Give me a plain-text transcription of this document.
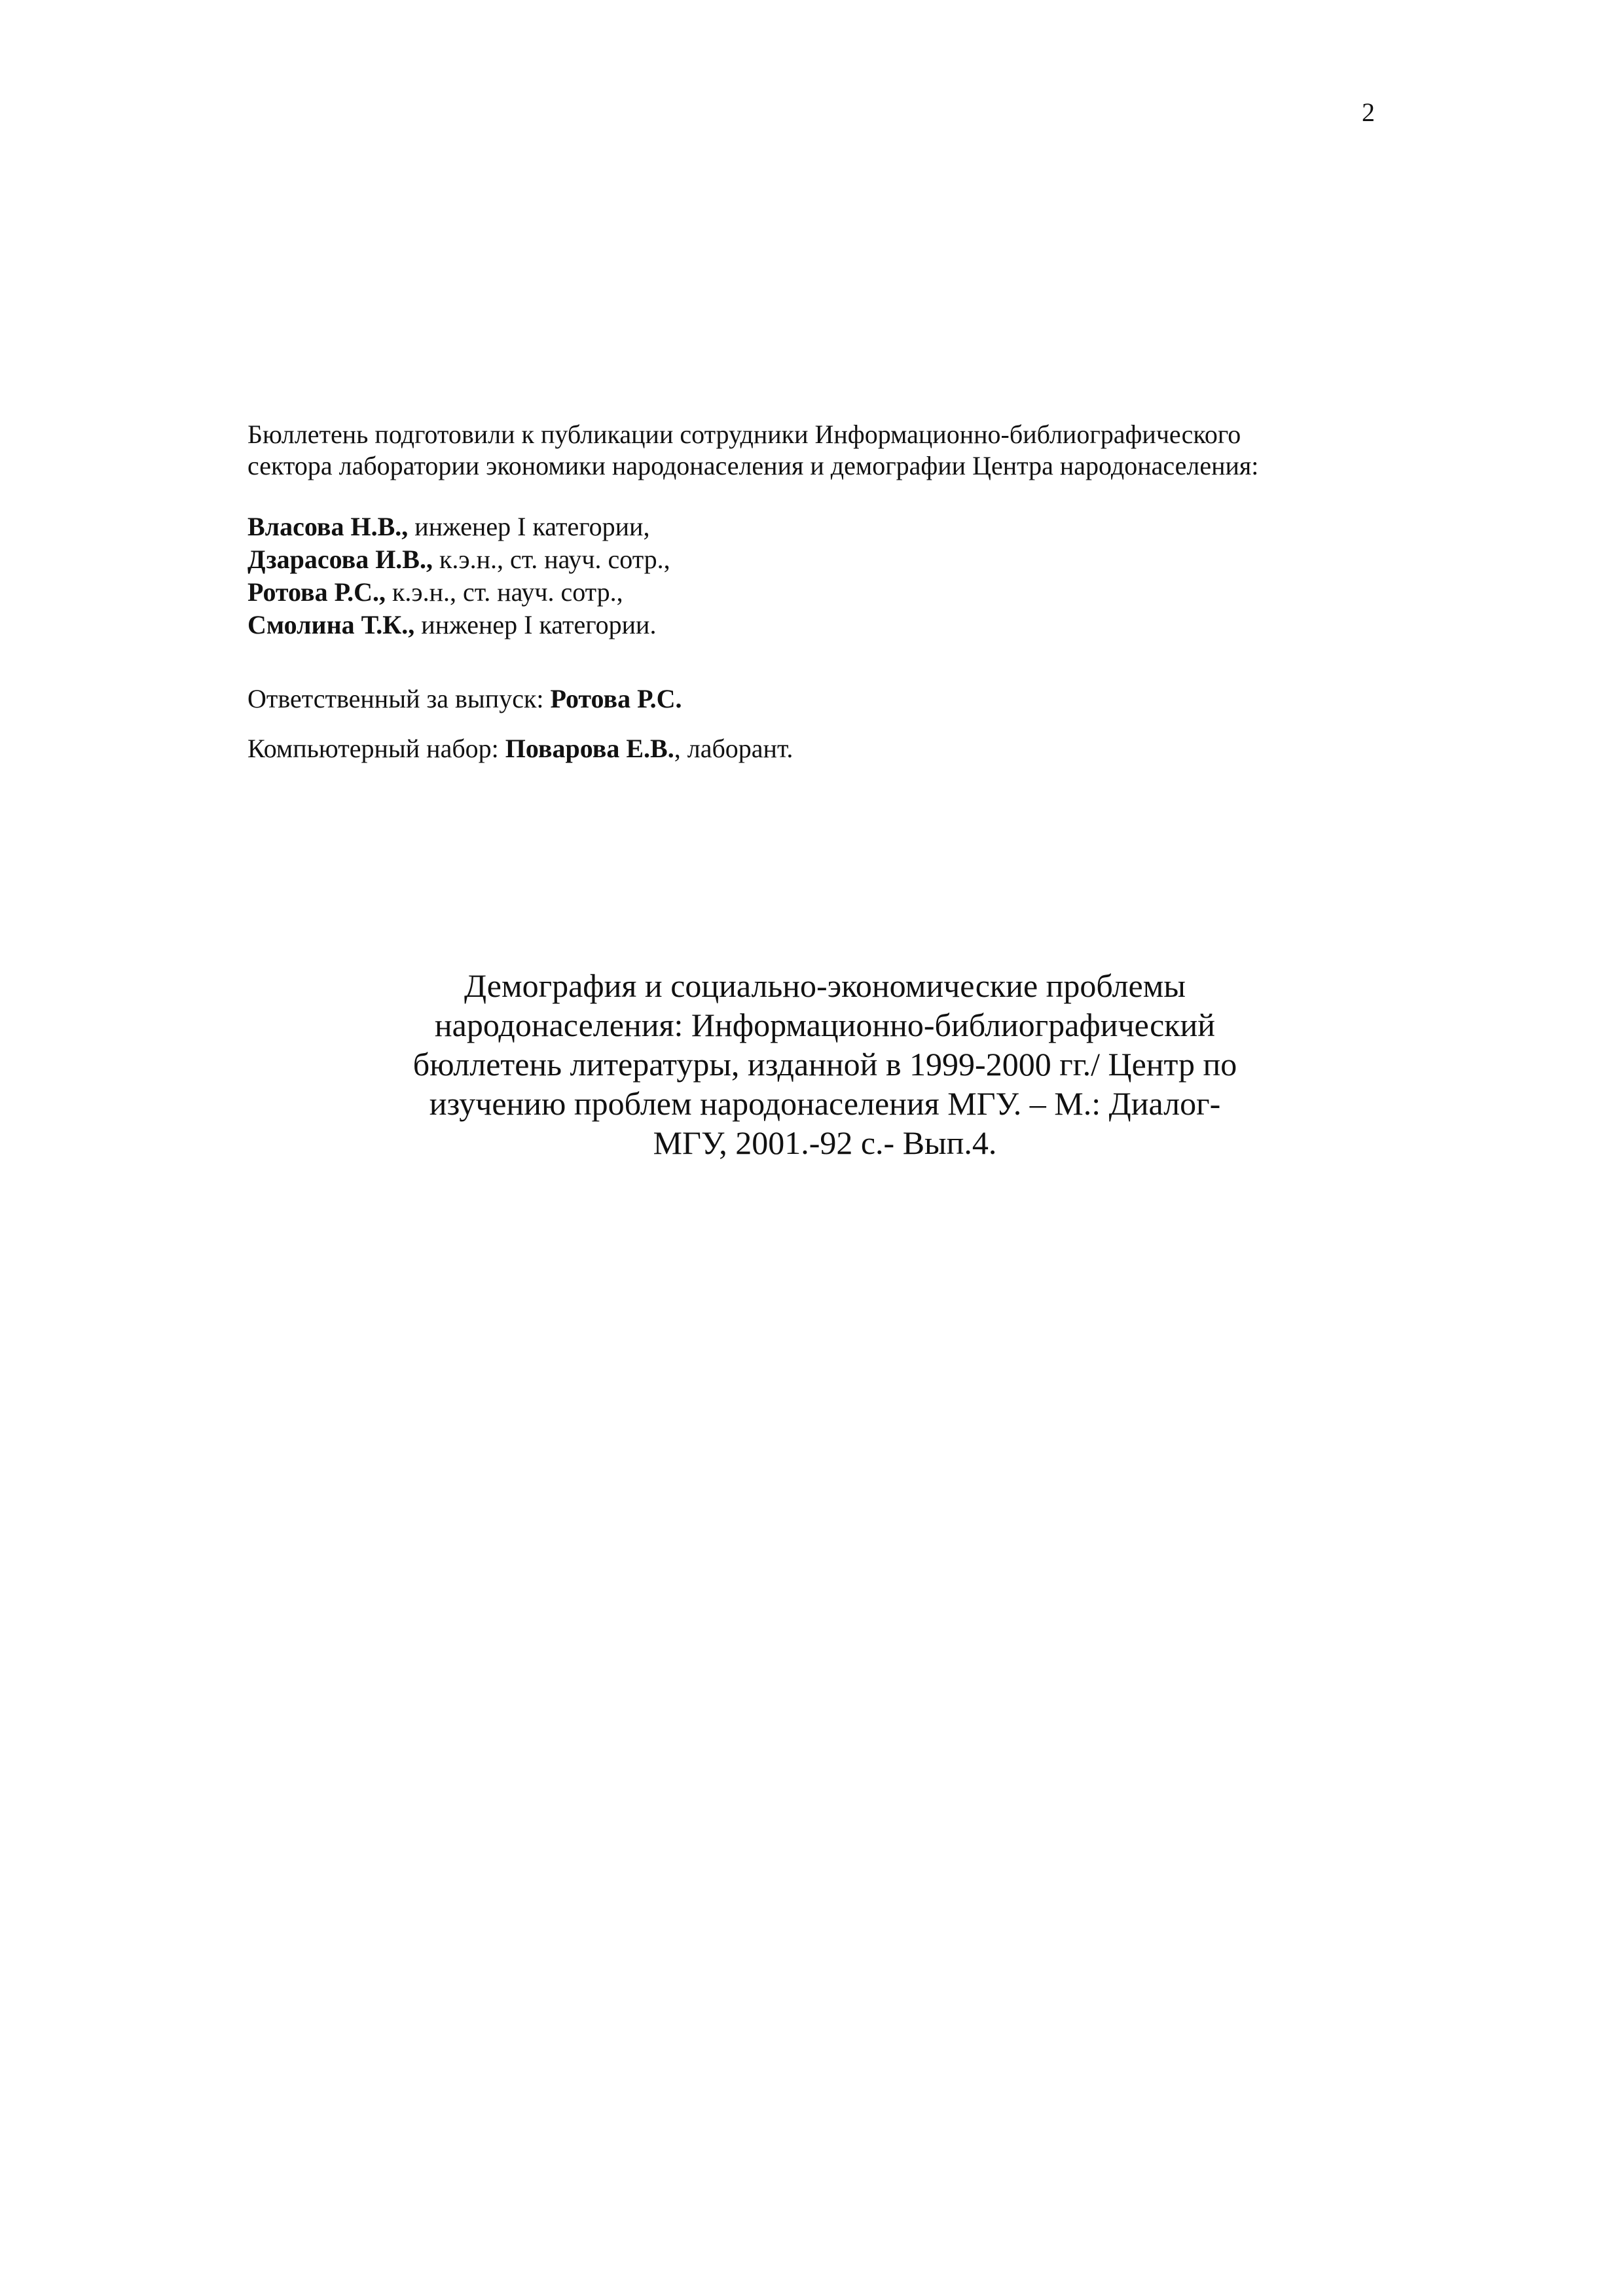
2

Бюллетень подготовили к публикации сотрудники Информационно-библиографического

сектора лаборатории экономики народонаселения и демографии Центра народонаселения:

Власова Н.В., инженер I категории,
Дзарасова И.В., к.э.н., ст. науч. сотр.,
Ротова Р.С., к.э.н., ст. науч. сотр.,
Смолина Т.К., инженер I категории.
Ответственный за выпуск: Ротова Р.С.
Компьютерный набор: Поварова Е.В., лаборант.
Демография и социально-экономические проблемы
народонаселения: Информационно-библиографический
бюллетень литературы, изданной в 1999-2000 гг./ Центр по
изучению проблем народонаселения МГУ. – М.: Диалог-
МГУ, 2001.-92 с.- Вып.4.
